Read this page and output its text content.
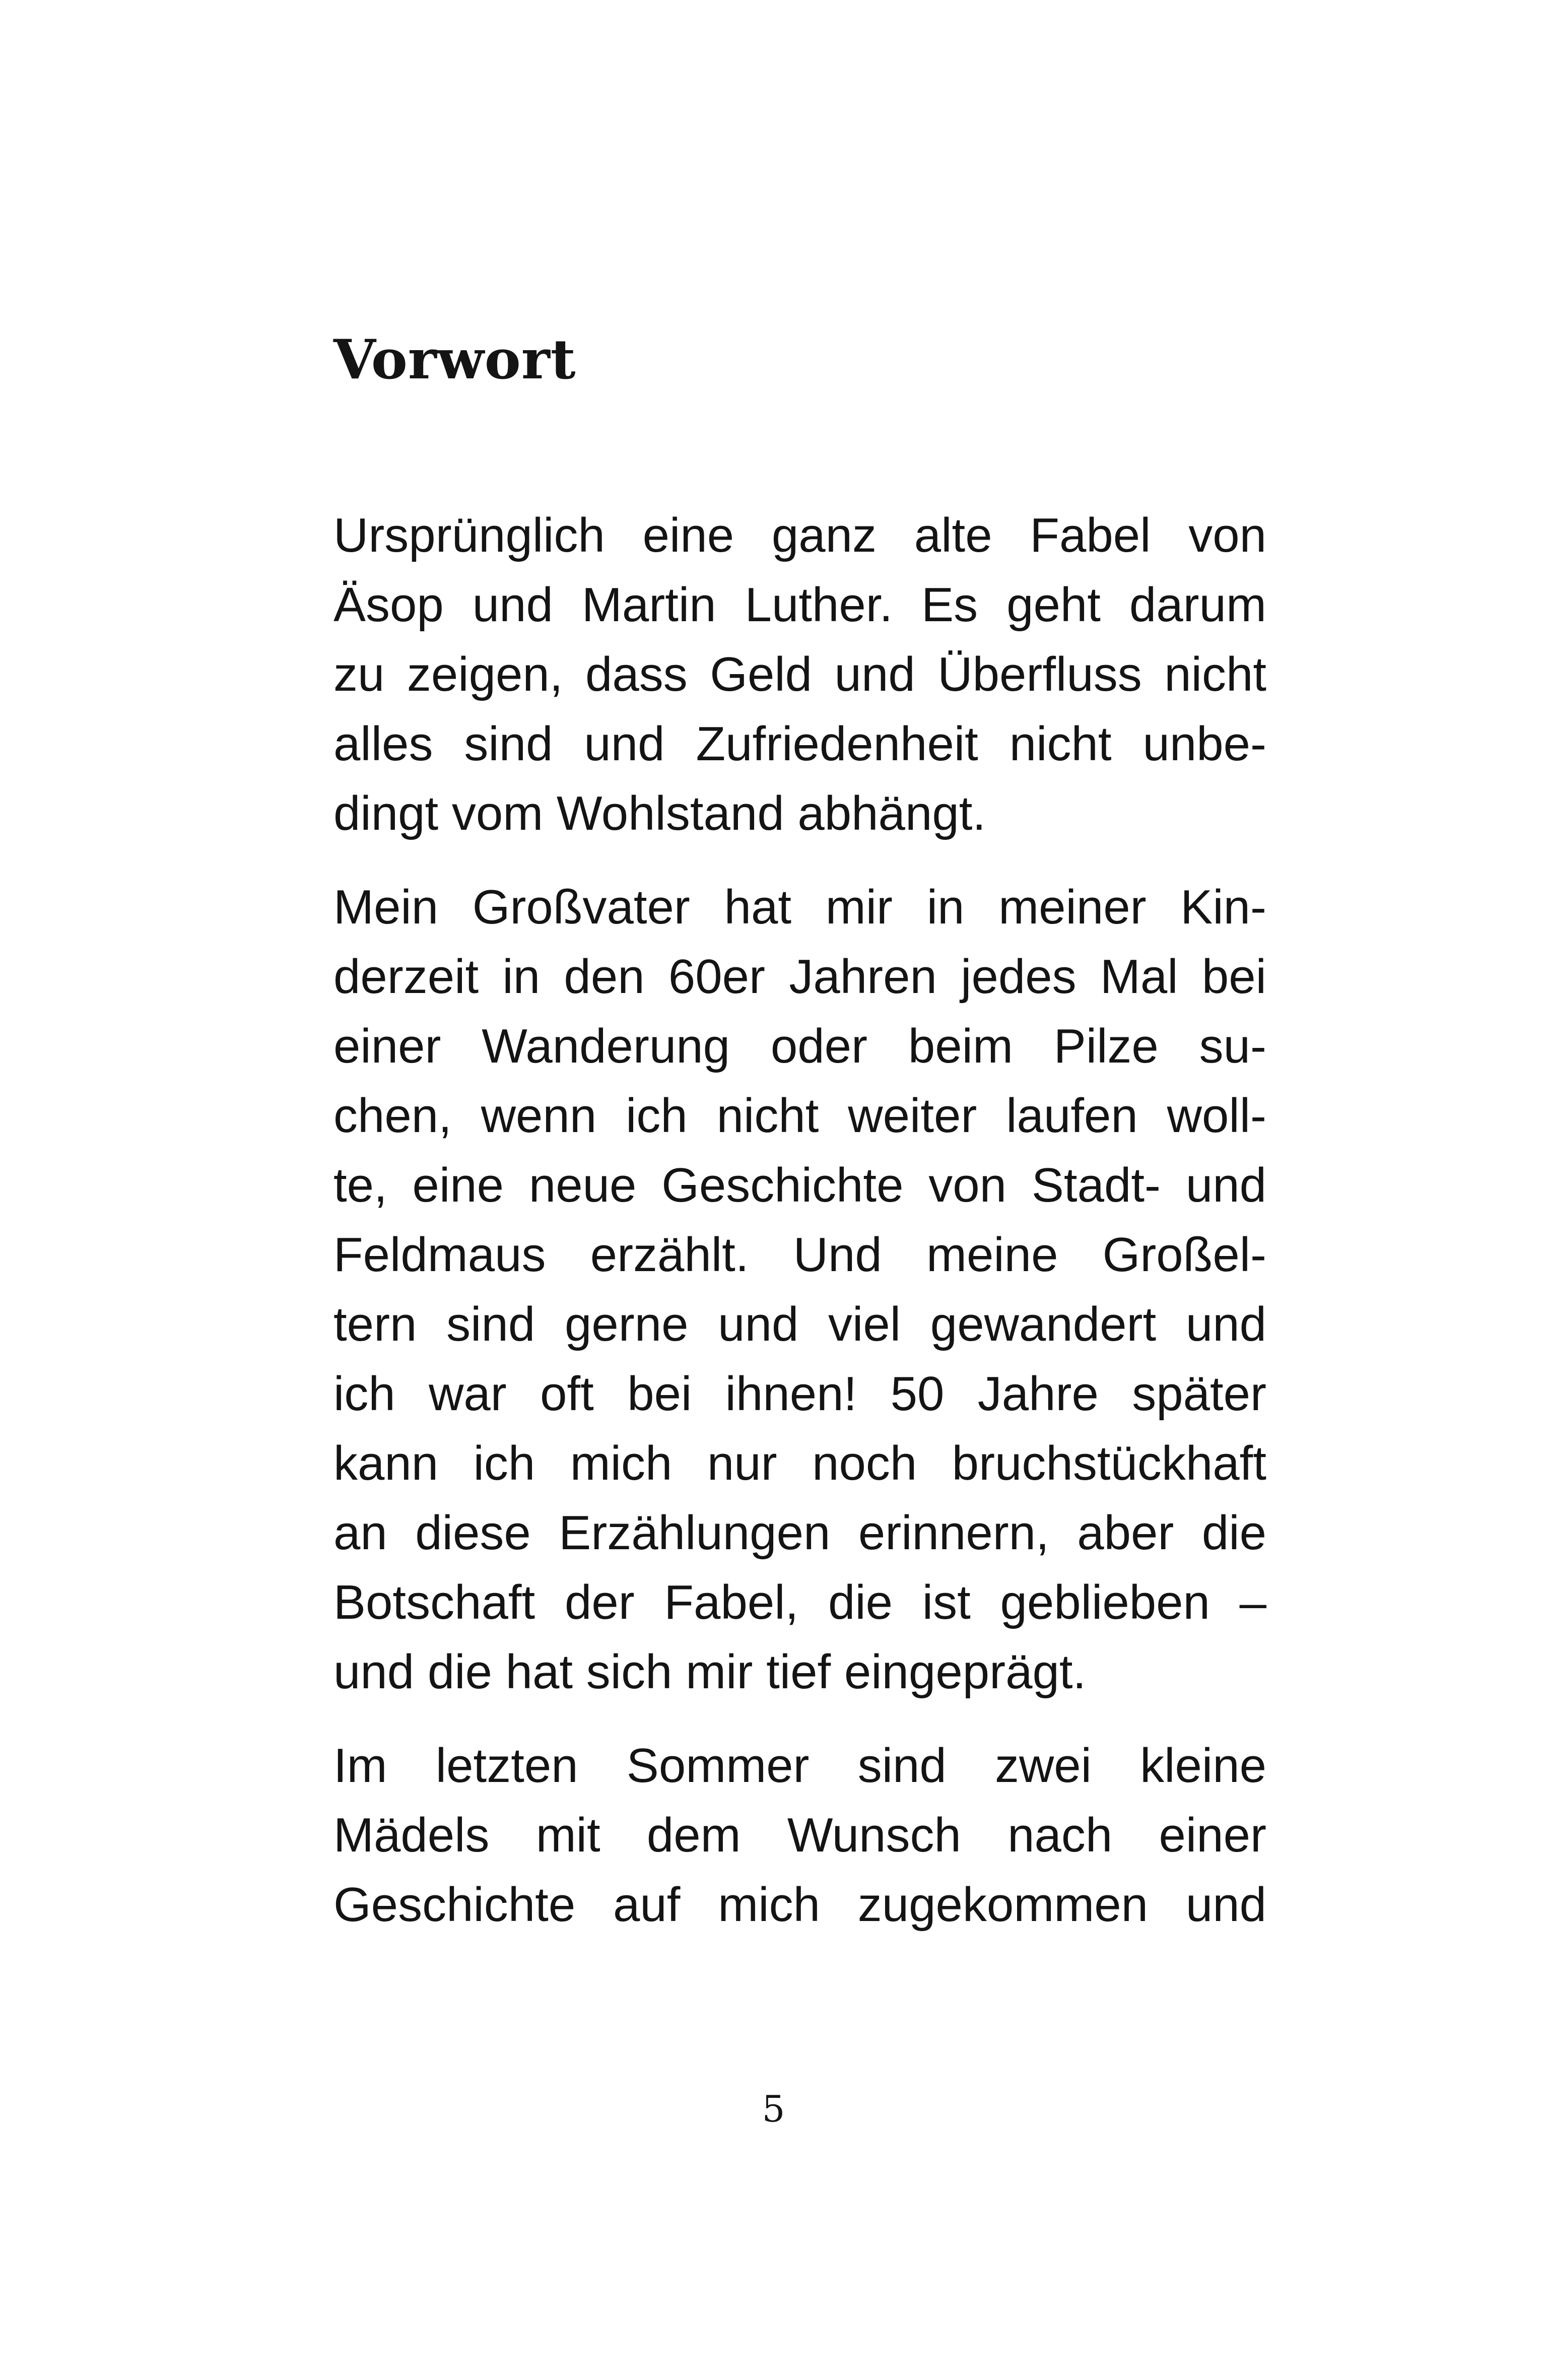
Vorwort

Ursprünglich eine ganz alte Fabel von
Äsop und Martin Luther. Es geht darum
zu zeigen, dass Geld und Überfluss nicht
alles sind und Zufriedenheit nicht unbe-
dingt vom Wohlstand abhängt.

Mein Großvater hat mir in meiner Kin-
derzeit in den 60er Jahren jedes Mal bei
einer Wanderung oder beim Pilze su-
chen, wenn ich nicht weiter laufen woll-
te, eine neue Geschichte von Stadt- und
Feldmaus erzählt. Und meine Großel-
tern sind gerne und viel gewandert und
ich war oft bei ihnen! 50 Jahre später
kann ich mich nur noch bruchstückhaft
an diese Erzählungen erinnern, aber die
Botschaft der Fabel, die ist geblieben –
und die hat sich mir tief eingeprägt.

Im letzten Sommer sind zwei kleine
Mädels mit dem Wunsch nach einer
Geschichte auf mich zugekommen und

5
